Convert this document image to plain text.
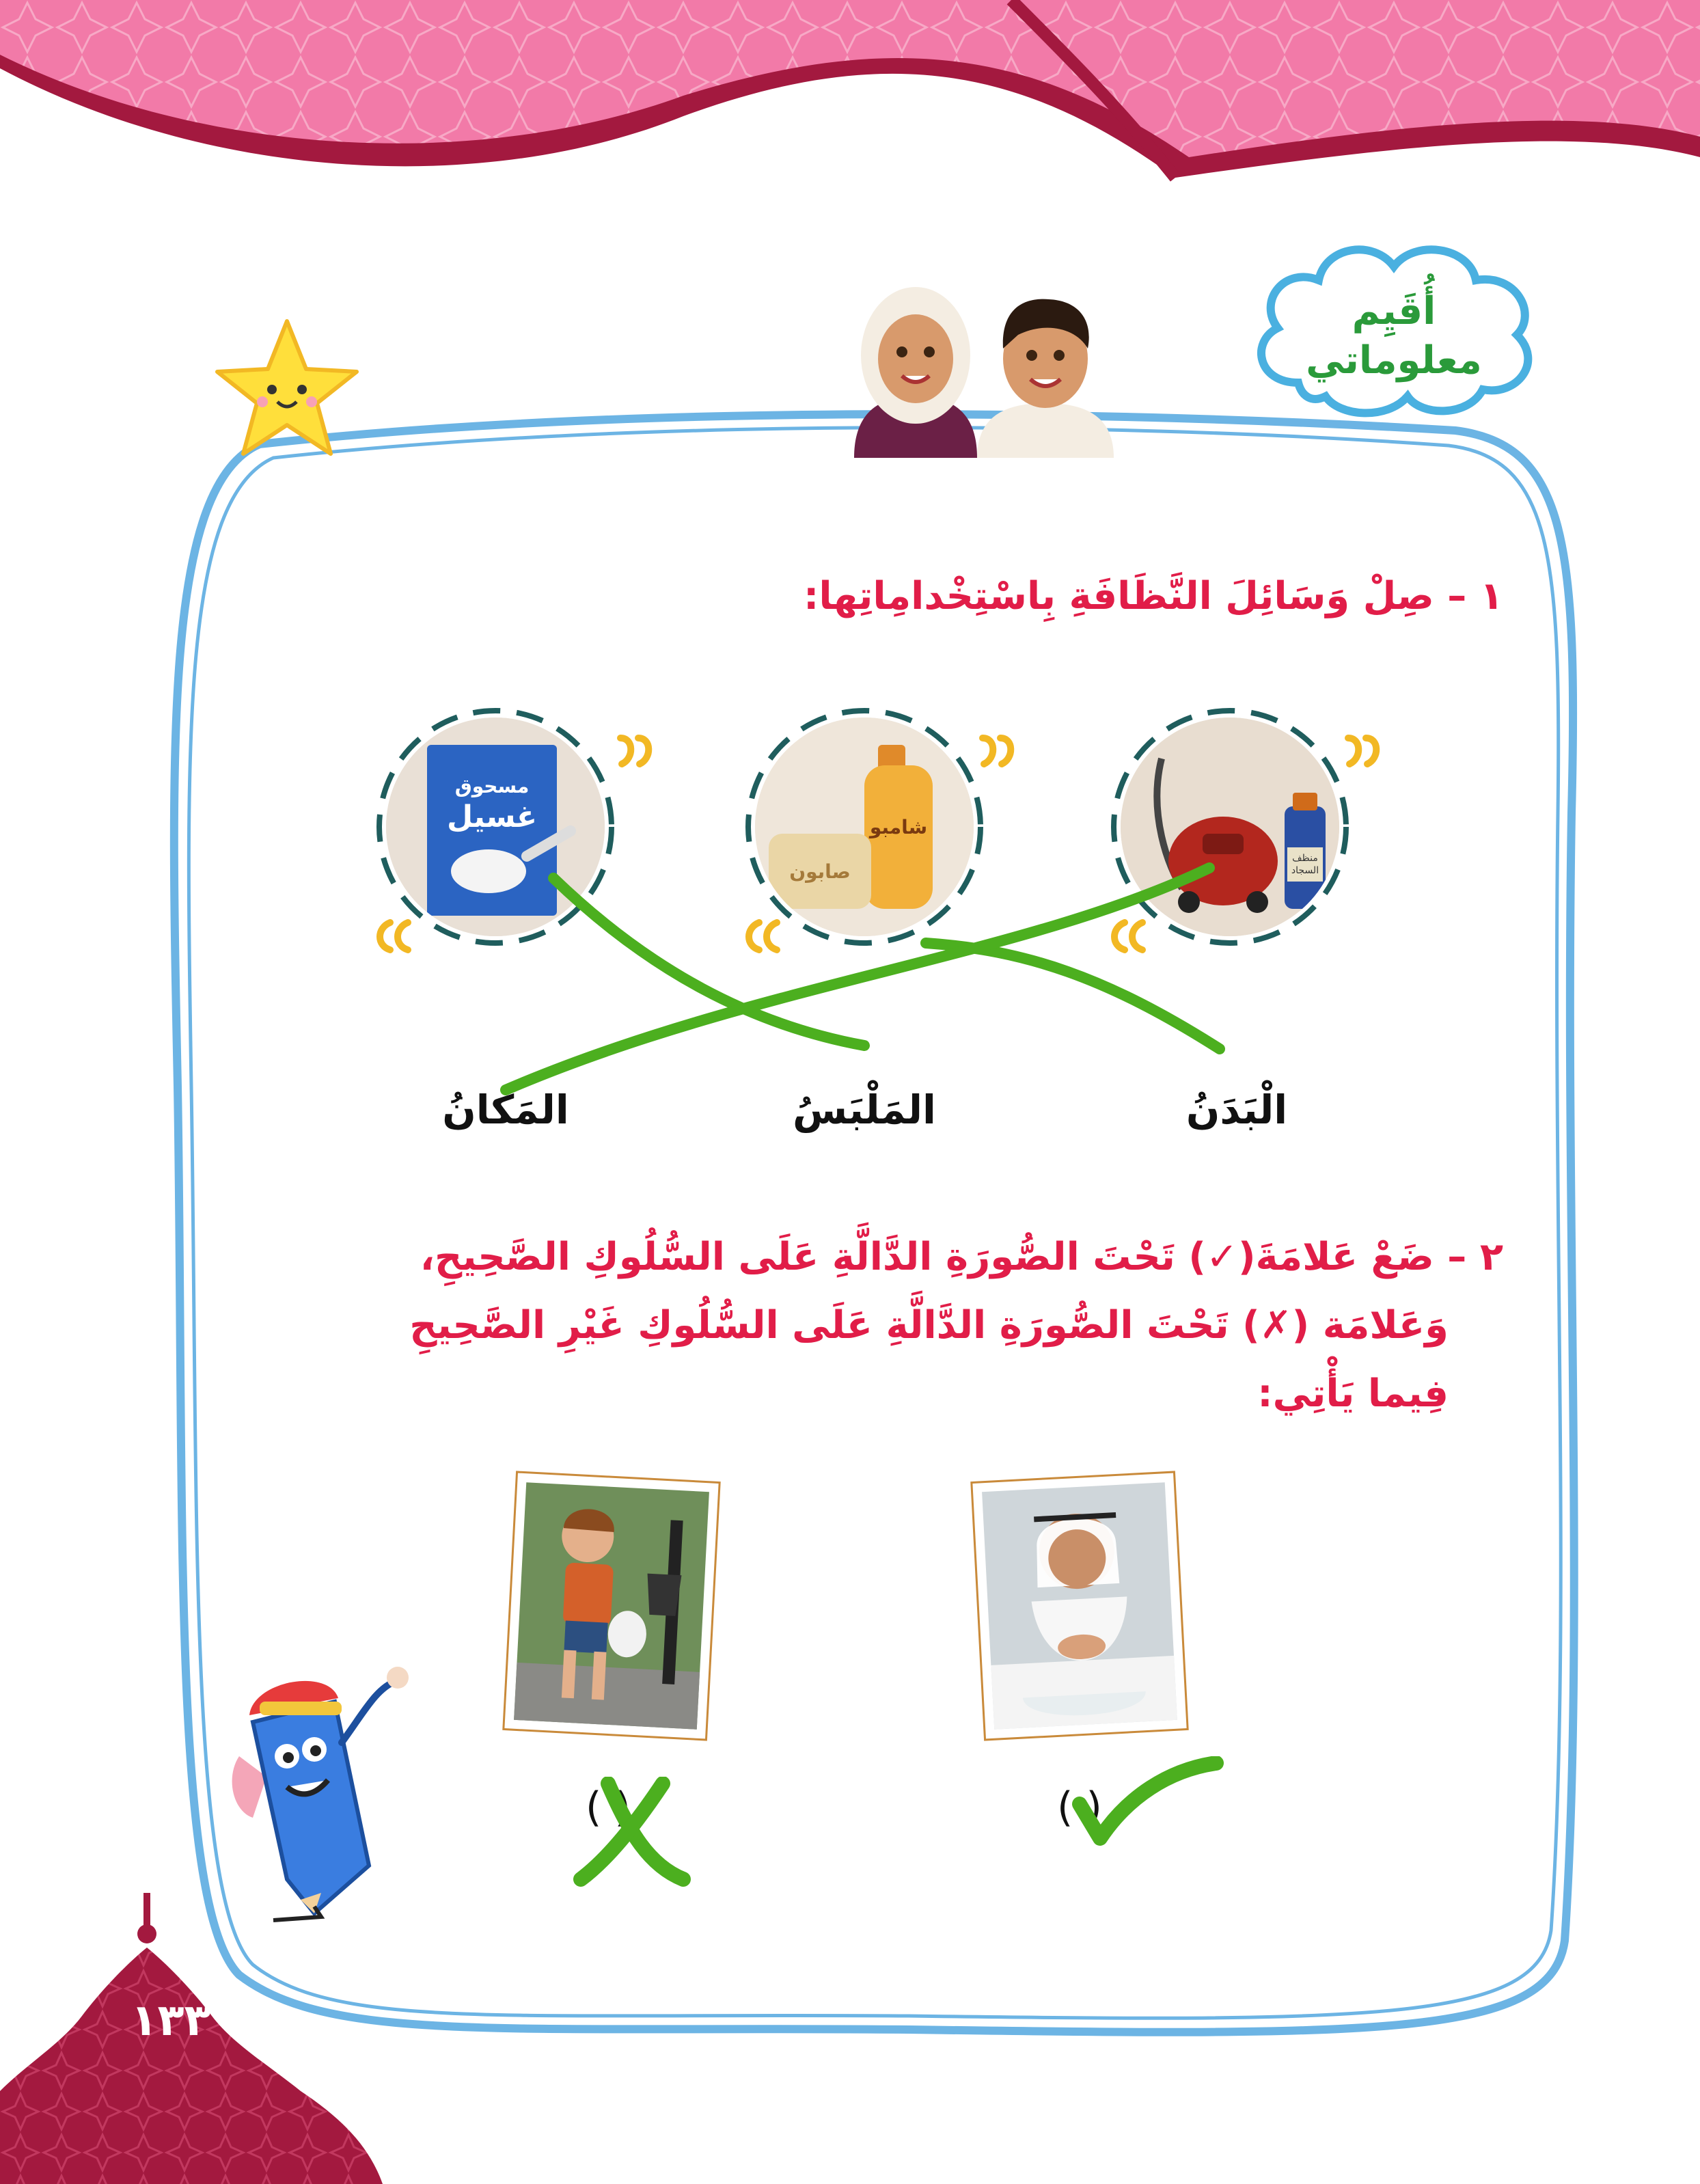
١٣٣
أُقَيِم
معلوماتي
١ – صِلْ وَسَائِلَ النَّظَافَةِ بِاسْتِخْدامِاتِها:
منظف
السجاد
شامبو
صابون
مسحوق
غسيل
الْبَدَنُ
المَلْبَسُ
المَكانُ
٢ – ضَعْ عَلامَةَ(✓) تَحْتَ الصُّورَةِ الدَّالَّةِ عَلَى السُّلُوكِ الصَّحِيحِ،
وَعَلامَة (✗) تَحْتَ الصُّورَةِ الدَّالَّةِ عَلَى السُّلُوكِ غَيْرِ الصَّحِيحِ فِيما يَأْتِي:
( )
( )
